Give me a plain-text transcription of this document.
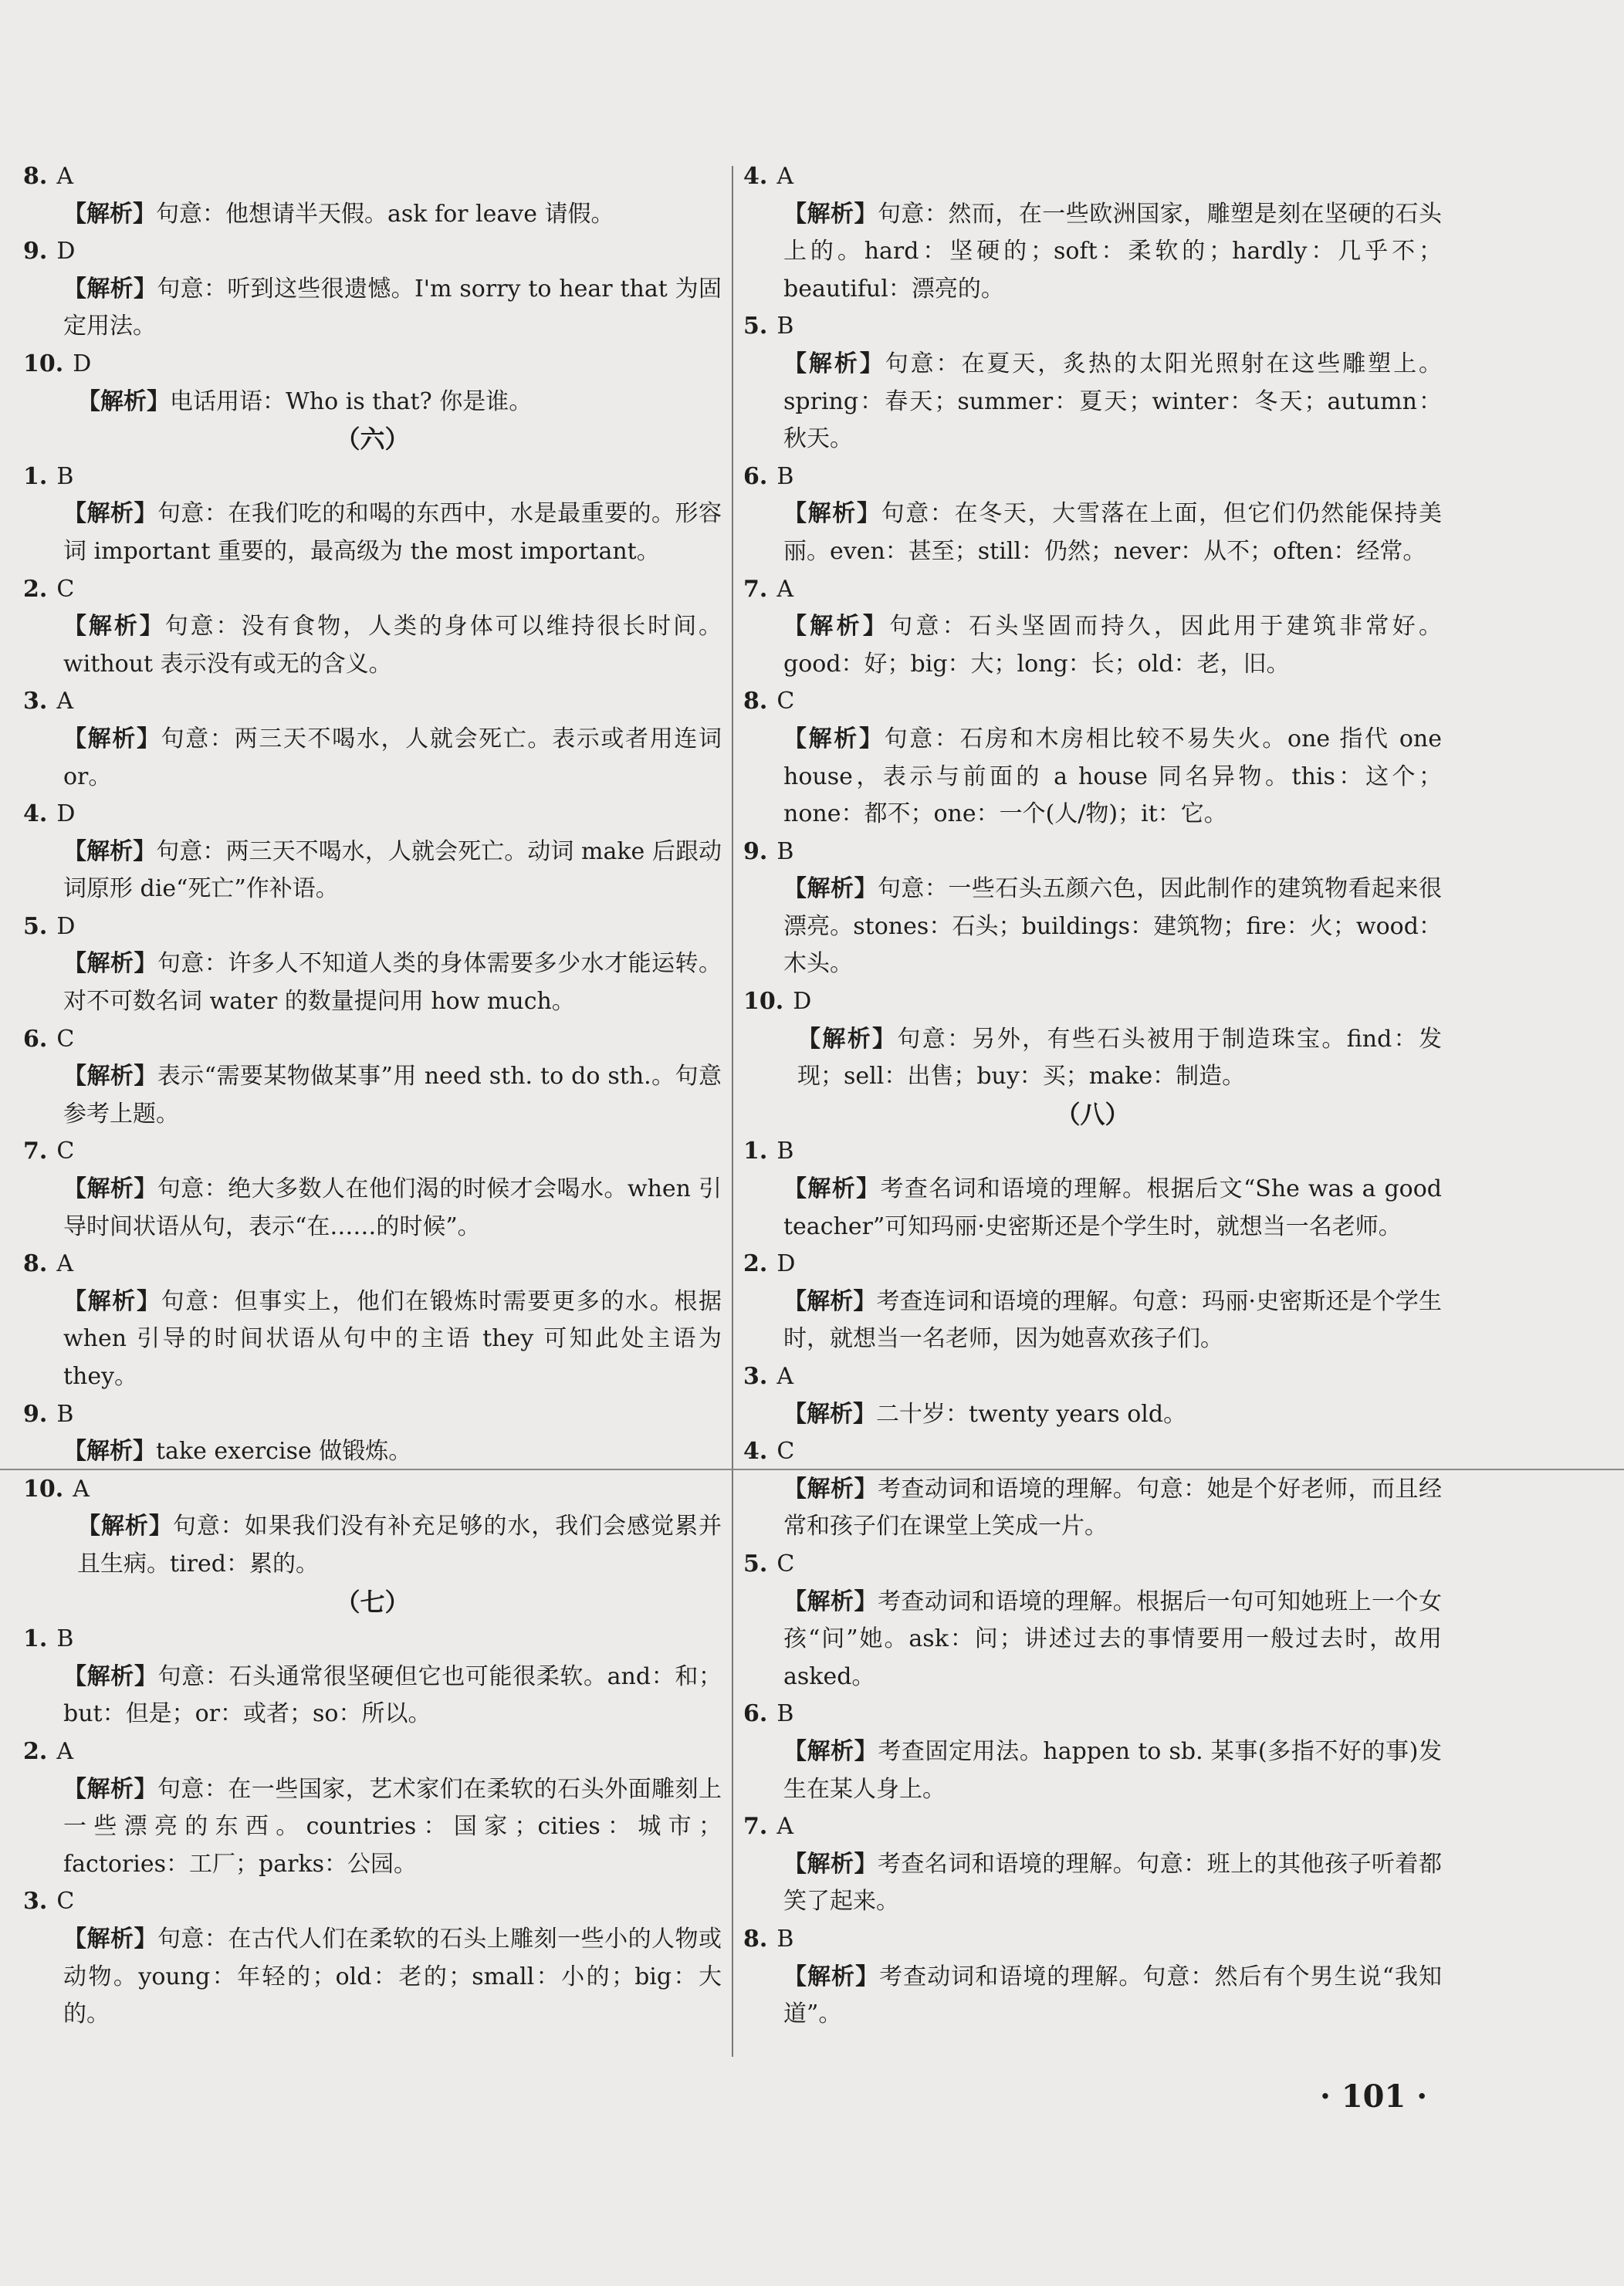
8. A
【解析】句意：他想请半天假。ask for leave 请假。
9. D
【解析】句意：听到这些很遗憾。I'm sorry to hear that 为固定用法。
10. D
【解析】电话用语：Who is that? 你是谁。
（六）
1. B
【解析】句意：在我们吃的和喝的东西中，水是最重要的。形容词 important 重要的，最高级为 the most important。
2. C
【解析】句意：没有食物，人类的身体可以维持很长时间。without 表示没有或无的含义。
3. A
【解析】句意：两三天不喝水，人就会死亡。表示或者用连词 or。
4. D
【解析】句意：两三天不喝水，人就会死亡。动词 make 后跟动词原形 die“死亡”作补语。
5. D
【解析】句意：许多人不知道人类的身体需要多少水才能运转。对不可数名词 water 的数量提问用 how much。
6. C
【解析】表示“需要某物做某事”用 need sth. to do sth.。句意参考上题。
7. C
【解析】句意：绝大多数人在他们渴的时候才会喝水。when 引导时间状语从句，表示“在……的时候”。
8. A
【解析】句意：但事实上，他们在锻炼时需要更多的水。根据 when 引导的时间状语从句中的主语 they 可知此处主语为 they。
9. B
【解析】take exercise 做锻炼。
10. A
【解析】句意：如果我们没有补充足够的水，我们会感觉累并且生病。tired：累的。
（七）
1. B
【解析】句意：石头通常很坚硬但它也可能很柔软。and：和；but：但是；or：或者；so：所以。
2. A
【解析】句意：在一些国家，艺术家们在柔软的石头外面雕刻上一些漂亮的东西。countries：国家；cities：城市；factories：工厂；parks：公园。
3. C
【解析】句意：在古代人们在柔软的石头上雕刻一些小的人物或动物。young：年轻的；old：老的；small：小的；big：大的。
4. A
【解析】句意：然而，在一些欧洲国家，雕塑是刻在坚硬的石头上的。hard：坚硬的；soft：柔软的；hardly：几乎不；beautiful：漂亮的。
5. B
【解析】句意：在夏天，炙热的太阳光照射在这些雕塑上。spring：春天；summer：夏天；winter：冬天；autumn：秋天。
6. B
【解析】句意：在冬天，大雪落在上面，但它们仍然能保持美丽。even：甚至；still：仍然；never：从不；often：经常。
7. A
【解析】句意：石头坚固而持久，因此用于建筑非常好。good：好；big：大；long：长；old：老，旧。
8. C
【解析】句意：石房和木房相比较不易失火。one 指代 one house，表示与前面的 a house 同名异物。this：这个；none：都不；one：一个(人/物)；it：它。
9. B
【解析】句意：一些石头五颜六色，因此制作的建筑物看起来很漂亮。stones：石头；buildings：建筑物；fire：火；wood：木头。
10. D
【解析】句意：另外，有些石头被用于制造珠宝。find：发现；sell：出售；buy：买；make：制造。
（八）
1. B
【解析】考查名词和语境的理解。根据后文“She was a good teacher”可知玛丽·史密斯还是个学生时，就想当一名老师。
2. D
【解析】考查连词和语境的理解。句意：玛丽·史密斯还是个学生时，就想当一名老师，因为她喜欢孩子们。
3. A
【解析】二十岁：twenty years old。
4. C
【解析】考查动词和语境的理解。句意：她是个好老师，而且经常和孩子们在课堂上笑成一片。
5. C
【解析】考查动词和语境的理解。根据后一句可知她班上一个女孩“问”她。ask：问；讲述过去的事情要用一般过去时，故用 asked。
6. B
【解析】考查固定用法。happen to sb. 某事(多指不好的事)发生在某人身上。
7. A
【解析】考查名词和语境的理解。句意：班上的其他孩子听着都笑了起来。
8. B
【解析】考查动词和语境的理解。句意：然后有个男生说“我知道”。
· 101 ·
